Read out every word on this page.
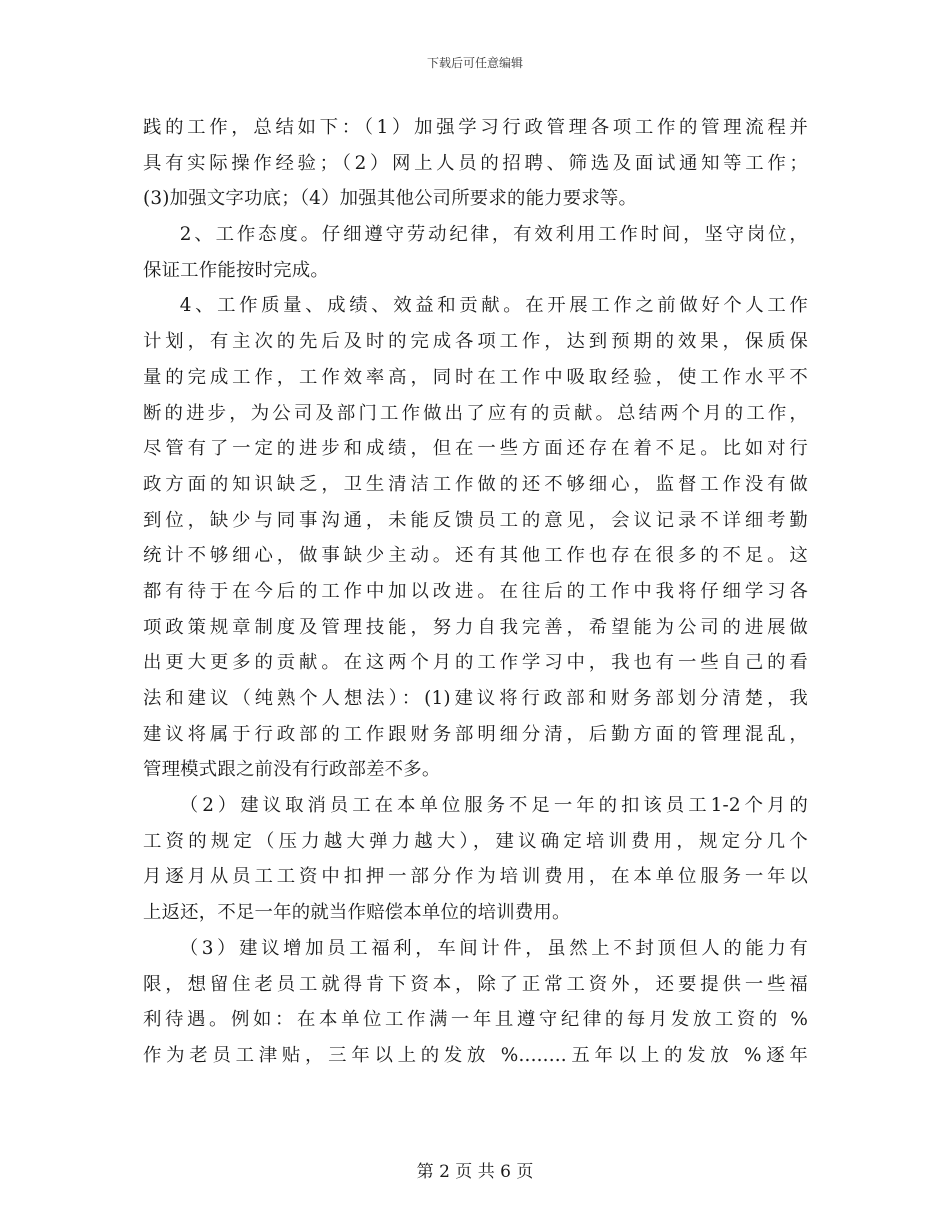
下载后可任意编辑
践的工作，总结如下：（1）加强学习行政管理各项工作的管理流程并
具有实际操作经验；（2）网上人员的招聘、筛选及面试通知等工作；
(3)加强文字功底；（4）加强其他公司所要求的能力要求等。
2、工作态度。仔细遵守劳动纪律，有效利用工作时间，坚守岗位，
保证工作能按时完成。
4、工作质量、成绩、效益和贡献。在开展工作之前做好个人工作
计划，有主次的先后及时的完成各项工作，达到预期的效果，保质保
量的完成工作，工作效率高，同时在工作中吸取经验，使工作水平不
断的进步，为公司及部门工作做出了应有的贡献。总结两个月的工作，
尽管有了一定的进步和成绩，但在一些方面还存在着不足。比如对行
政方面的知识缺乏，卫生清洁工作做的还不够细心，监督工作没有做
到位，缺少与同事沟通，未能反馈员工的意见，会议记录不详细考勤
统计不够细心，做事缺少主动。还有其他工作也存在很多的不足。这
都有待于在今后的工作中加以改进。在往后的工作中我将仔细学习各
项政策规章制度及管理技能，努力自我完善，希望能为公司的进展做
出更大更多的贡献。在这两个月的工作学习中，我也有一些自己的看
法和建议（纯熟个人想法）：(1)建议将行政部和财务部划分清楚，我
建议将属于行政部的工作跟财务部明细分清，后勤方面的管理混乱，
管理模式跟之前没有行政部差不多。
（2）建议取消员工在本单位服务不足一年的扣该员工1-2个月的
工资的规定（压力越大弹力越大），建议确定培训费用，规定分几个
月逐月从员工工资中扣押一部分作为培训费用，在本单位服务一年以
上返还，不足一年的就当作赔偿本单位的培训费用。
（3）建议增加员工福利，车间计件，虽然上不封顶但人的能力有
限，想留住老员工就得肯下资本，除了正常工资外，还要提供一些福
利待遇。例如：在本单位工作满一年且遵守纪律的每月发放工资的 %
作为老员工津贴，三年以上的发放 %........五年以上的发放 %逐年
第 2 页 共 6 页
